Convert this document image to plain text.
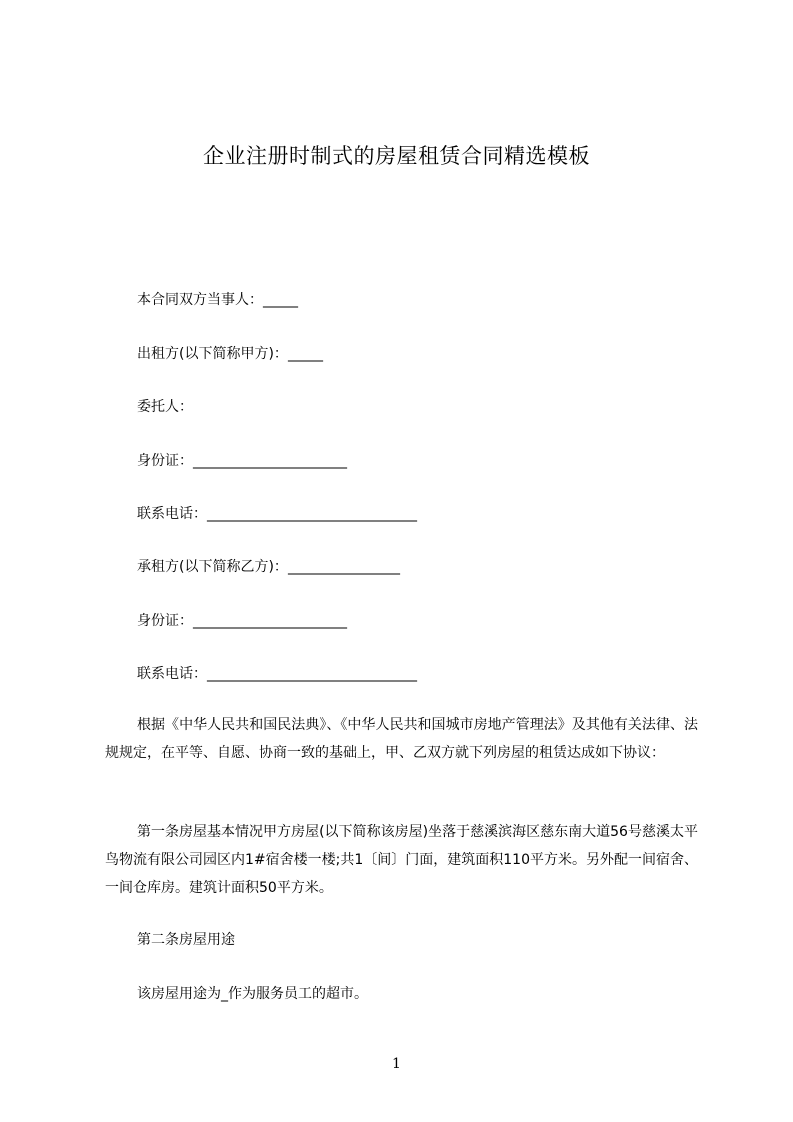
企业注册时制式的房屋租赁合同精选模板
本合同双方当事人：_____
出租方(以下简称甲方)：_____
委托人：
身份证：______________________
联系电话：______________________________
承租方(以下简称乙方)：________________
身份证：______________________
联系电话：______________________________
根据《中华人民共和国民法典》、《中华人民共和国城市房地产管理法》及其他有关法律、法规规定，在平等、自愿、协商一致的基础上，甲、乙双方就下列房屋的租赁达成如下协议：
第一条房屋基本情况甲方房屋(以下简称该房屋)坐落于慈溪滨海区慈东南大道56号慈溪太平鸟物流有限公司园区内1#宿舍楼一楼;共1〔间〕门面，建筑面积110平方米。另外配一间宿舍、一间仓库房。建筑计面积50平方米。
第二条房屋用途
该房屋用途为_作为服务员工的超市。
1
